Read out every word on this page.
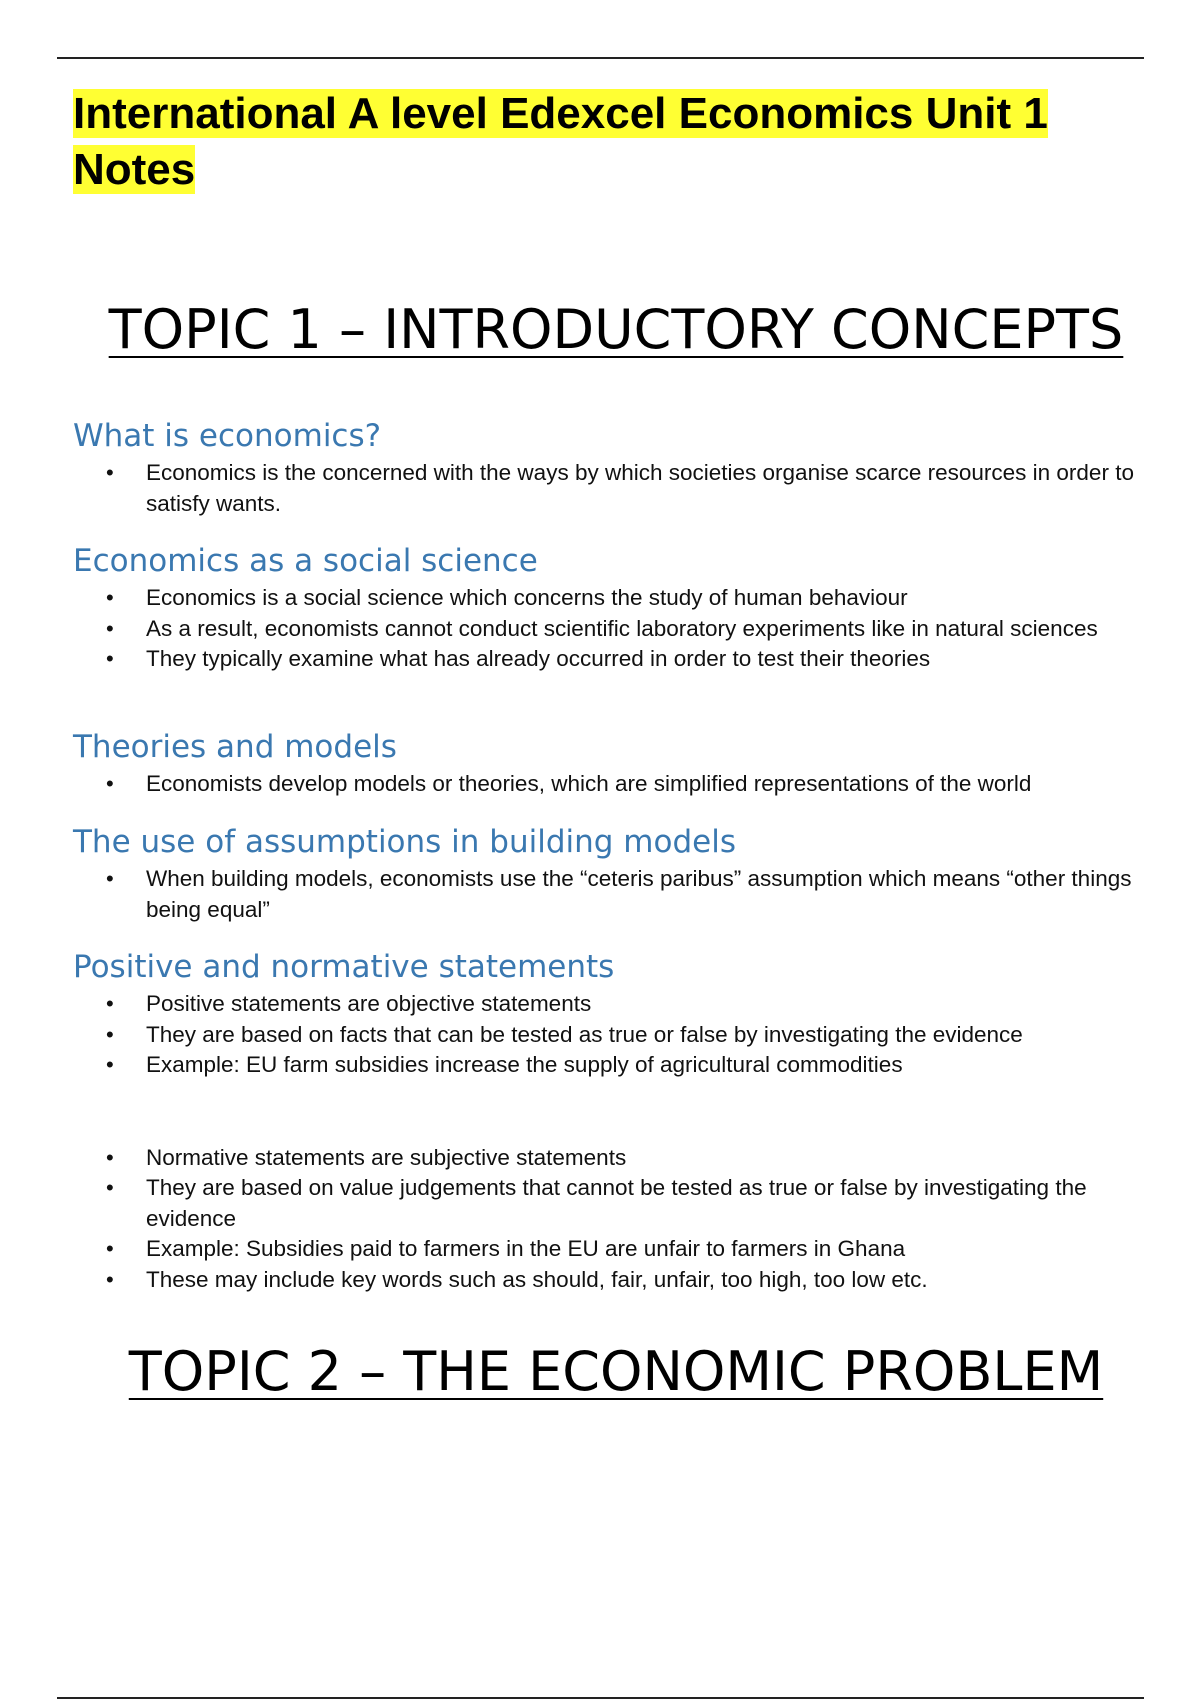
International A level Edexcel Economics Unit 1 Notes
TOPIC 1 – INTRODUCTORY CONCEPTS
What is economics?
• Economics is the concerned with the ways by which societies organise scarce resources in order to satisfy wants.
Economics as a social science
• Economics is a social science which concerns the study of human behaviour
• As a result, economists cannot conduct scientific laboratory experiments like in natural sciences
• They typically examine what has already occurred in order to test their theories
Theories and models
• Economists develop models or theories, which are simplified representations of the world
The use of assumptions in building models
• When building models, economists use the “ceteris paribus” assumption which means “other things being equal”
Positive and normative statements
• Positive statements are objective statements
• They are based on facts that can be tested as true or false by investigating the evidence
• Example: EU farm subsidies increase the supply of agricultural commodities
• Normative statements are subjective statements
• They are based on value judgements that cannot be tested as true or false by investigating the evidence
• Example: Subsidies paid to farmers in the EU are unfair to farmers in Ghana
• These may include key words such as should, fair, unfair, too high, too low etc.
TOPIC 2 – THE ECONOMIC PROBLEM
